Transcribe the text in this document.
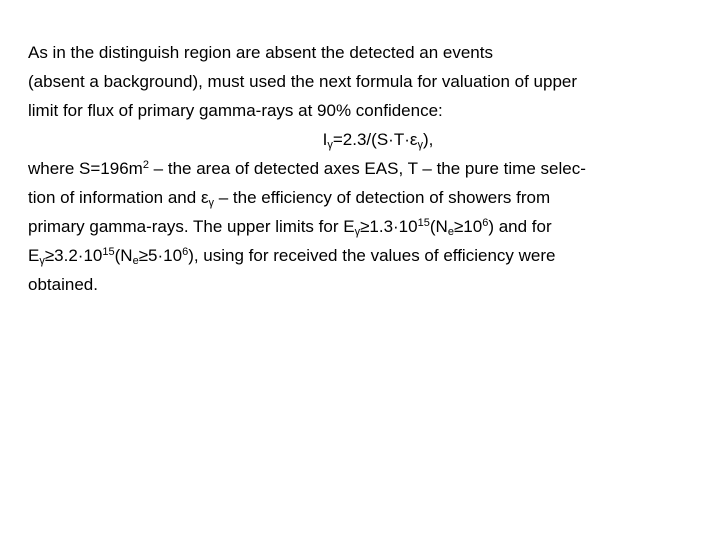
As in the distinguish region are absent the detected an events
(absent a background), must used the next formula for valuation of upper
limit for flux of primary gamma-rays at 90% confidence:
$I_\gamma=2.3/(S\cdot T\cdot\varepsilon_\gamma)$,
where $S=196m^2$ – the area of detected axes EAS, T – the pure time selec-
tion of information and $\varepsilon_\gamma$ – the efficiency of detection of showers from
primary gamma-rays. The upper limits for $E_\gamma\ge 1.3\cdot 10^{15}(N_e\ge 10^6)$ and for
$E_\gamma\ge 3.2\cdot 10^{15}(N_e\ge 5\cdot 10^6)$, using for received the values of efficiency were
obtained.
